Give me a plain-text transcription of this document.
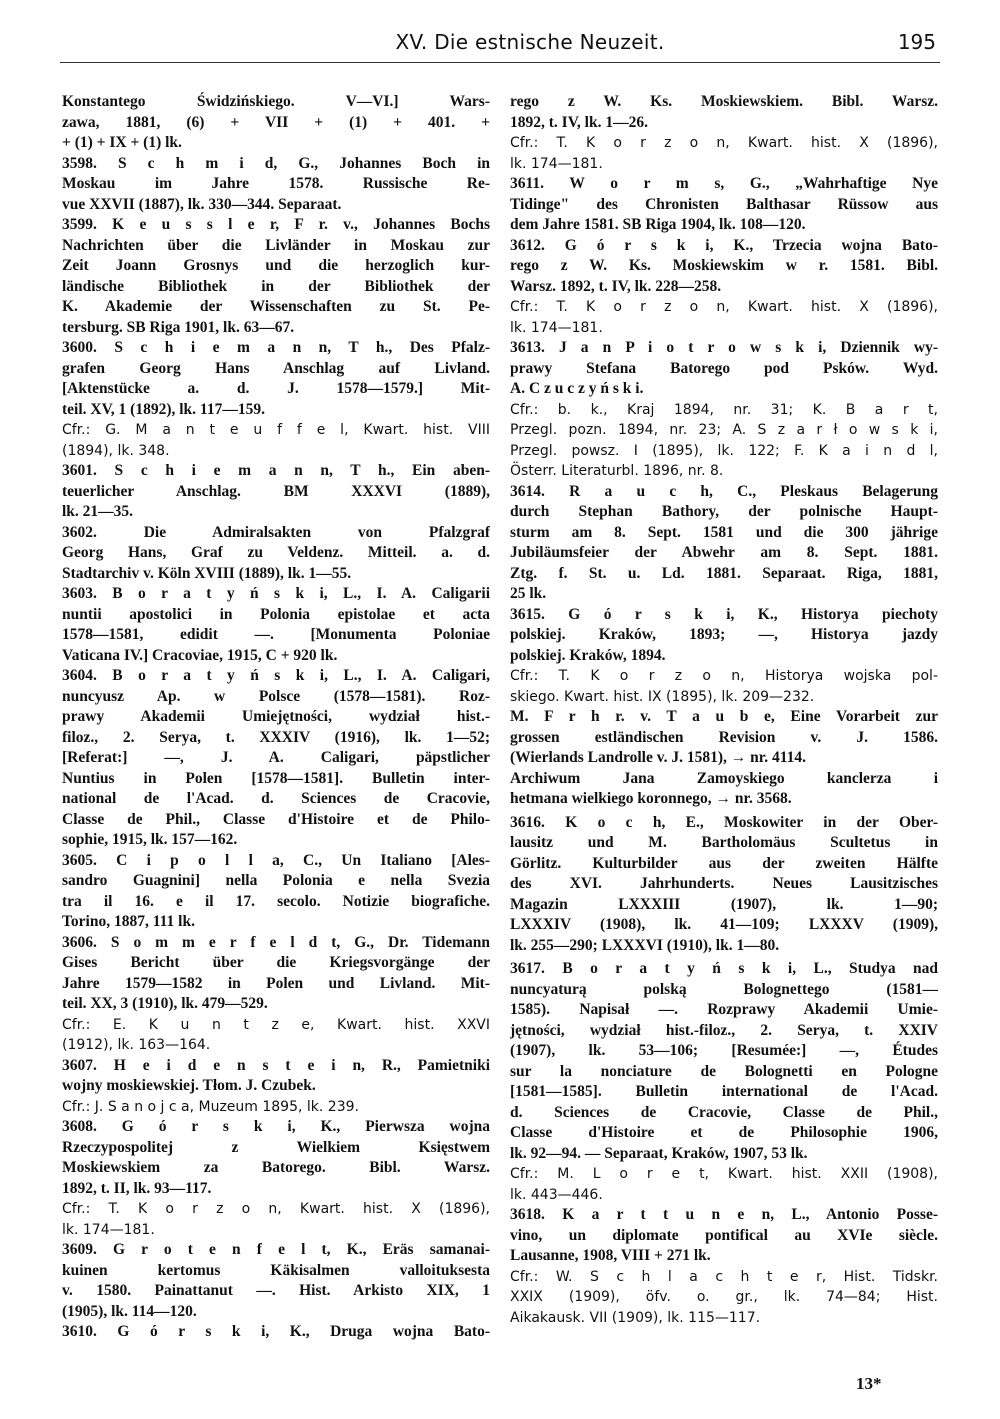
XV. Die estnische Neuzeit.	195
Konstantego Świdzińskiego. V—VI.] Wars-
zawa, 1881, (6) + VII + (1) + 401. +
+ (1) + IX + (1) lk.
3598. S c h m i d, G., Johannes Boch in
Moskau im Jahre 1578. Russische Re-
vue XXVII (1887), lk. 330—344. Separaat.
3599. K e u s s l e r, F r. v., Johannes Bochs
Nachrichten über die Livländer in Moskau zur
Zeit Joann Grosnys und die herzoglich kur-
ländische Bibliothek in der Bibliothek der
K. Akademie der Wissenschaften zu St. Pe-
tersburg. SB Riga 1901, lk. 63—67.
3600. S c h i e m a n n, T h., Des Pfalz-
grafen Georg Hans Anschlag auf Livland.
[Aktenstücke a. d. J. 1578—1579.] Mit-
teil. XV, 1 (1892), lk. 117—159.
Cfr.: G. M a n t e u f f e l, Kwart. hist. VIII
(1894), lk. 348.
3601. S c h i e m a n n, T h., Ein aben-
teuerlicher Anschlag. BM XXXVI (1889),
lk. 21—35.
3602. Die Admiralsakten von Pfalzgraf
Georg Hans, Graf zu Veldenz. Mitteil. a. d.
Stadtarchiv v. Köln XVIII (1889), lk. 1—55.
3603. B o r a t y ń s k i, L., I. A. Caligarii
nuntii apostolici in Polonia epistolae et acta
1578—1581, edidit —. [Monumenta Poloniae
Vaticana IV.] Cracoviae, 1915, C + 920 lk.
3604. B o r a t y ń s k i, L., I. A. Caligari,
nuncyusz Ap. w Polsce (1578—1581). Roz-
prawy Akademii Umiejętności, wydział hist.-
filoz., 2. Serya, t. XXXIV (1916), lk. 1—52;
[Referat:] —, J. A. Caligari, päpstlicher
Nuntius in Polen [1578—1581]. Bulletin inter-
national de l'Acad. d. Sciences de Cracovie,
Classe de Phil., Classe d'Histoire et de Philo-
sophie, 1915, lk. 157—162.
3605. C i p o l l a, C., Un Italiano [Ales-
sandro Guagnini] nella Polonia e nella Svezia
tra il 16. e il 17. secolo. Notizie biografiche.
Torino, 1887, 111 lk.
3606. S o m m e r f e l d t, G., Dr. Tidemann
Gises Bericht über die Kriegsvorgänge der
Jahre 1579—1582 in Polen und Livland. Mit-
teil. XX, 3 (1910), lk. 479—529.
Cfr.: E. K u n t z e, Kwart. hist. XXVI
(1912), lk. 163—164.
3607. H e i d e n s t e i n, R., Pamietniki
wojny moskiewskiej. Tłom. J. Czubek.
Cfr.: J. S a n o j c a, Muzeum 1895, lk. 239.
3608. G ó r s k i, K., Pierwsza wojna
Rzeczypospolitej z Wielkiem Księstwem
Moskiewskiem za Batorego. Bibl. Warsz.
1892, t. II, lk. 93—117.
Cfr.: T. K o r z o n, Kwart. hist. X (1896),
lk. 174—181.
3609. G r o t e n f e l t, K., Eräs samanai-
kuinen kertomus Käkisalmen valloituksesta
v. 1580. Painattanut —. Hist. Arkisto XIX, 1
(1905), lk. 114—120.
3610. G ó r s k i, K., Druga wojna Bato-
rego z W. Ks. Moskiewskiem. Bibl. Warsz.
1892, t. IV, lk. 1—26.
Cfr.: T. K o r z o n, Kwart. hist. X (1896),
lk. 174—181.
3611. W o r m s, G., „Wahrhaftige Nye
Tidinge" des Chronisten Balthasar Rüssow aus
dem Jahre 1581. SB Riga 1904, lk. 108—120.
3612. G ó r s k i, K., Trzecia wojna Bato-
rego z W. Ks. Moskiewskim w r. 1581. Bibl.
Warsz. 1892, t. IV, lk. 228—258.
Cfr.: T. K o r z o n, Kwart. hist. X (1896),
lk. 174—181.
3613. J a n P i o t r o w s k i, Dziennik wy-
prawy Stefana Batorego pod Psków. Wyd.
A. C z u c z y ń s k i.
Cfr.: b. k., Kraj 1894, nr. 31; K. B a r t,
Przegl. pozn. 1894, nr. 23; A. S z a r ł o w s k i,
Przegl. powsz. I (1895), lk. 122; F. K a i n d l,
Österr. Literaturbl. 1896, nr. 8.
3614. R a u c h, C., Pleskaus Belagerung
durch Stephan Bathory, der polnische Haupt-
sturm am 8. Sept. 1581 und die 300 jährige
Jubiläumsfeier der Abwehr am 8. Sept. 1881.
Ztg. f. St. u. Ld. 1881. Separaat. Riga, 1881,
25 lk.
3615. G ó r s k i, K., Historya piechoty
polskiej. Kraków, 1893; —, Historya jazdy
polskiej. Kraków, 1894.
Cfr.: T. K o r z o n, Historya wojska pol-
skiego. Kwart. hist. IX (1895), lk. 209—232.
M. F r h r. v. T a u b e, Eine Vorarbeit zur
grossen estländischen Revision v. J. 1586.
(Wierlands Landrolle v. J. 1581), → nr. 4114.
Archiwum Jana Zamoyskiego kanclerza i
hetmana wielkiego koronnego, → nr. 3568.
3616. K o c h, E., Moskowiter in der Ober-
lausitz und M. Bartholomäus Scultetus in
Görlitz. Kulturbilder aus der zweiten Hälfte
des XVI. Jahrhunderts. Neues Lausitzisches
Magazin LXXXIII (1907), lk. 1—90;
LXXXIV (1908), lk. 41—109; LXXXV (1909),
lk. 255—290; LXXXVI (1910), lk. 1—80.
3617. B o r a t y ń s k i, L., Studya nad
nuncyaturą polską Bolognettego (1581—
1585). Napisał —. Rozprawy Akademii Umie-
jętności, wydział hist.-filoz., 2. Serya, t. XXIV
(1907), lk. 53—106; [Resumée:] —, Études
sur la nonciature de Bolognetti en Pologne
[1581—1585]. Bulletin international de l'Acad.
d. Sciences de Cracovie, Classe de Phil.,
Classe d'Histoire et de Philosophie 1906,
lk. 92—94. — Separaat, Kraków, 1907, 53 lk.
Cfr.: M. L o r e t, Kwart. hist. XXII (1908),
lk. 443—446.
3618. K a r t t u n e n, L., Antonio Posse-
vino, un diplomate pontifical au XVIe siècle.
Lausanne, 1908, VIII + 271 lk.
Cfr.: W. S c h l a c h t e r, Hist. Tidskr.
XXIX (1909), öfv. o. gr., lk. 74—84; Hist.
Aikakausk. VII (1909), lk. 115—117.
13*
